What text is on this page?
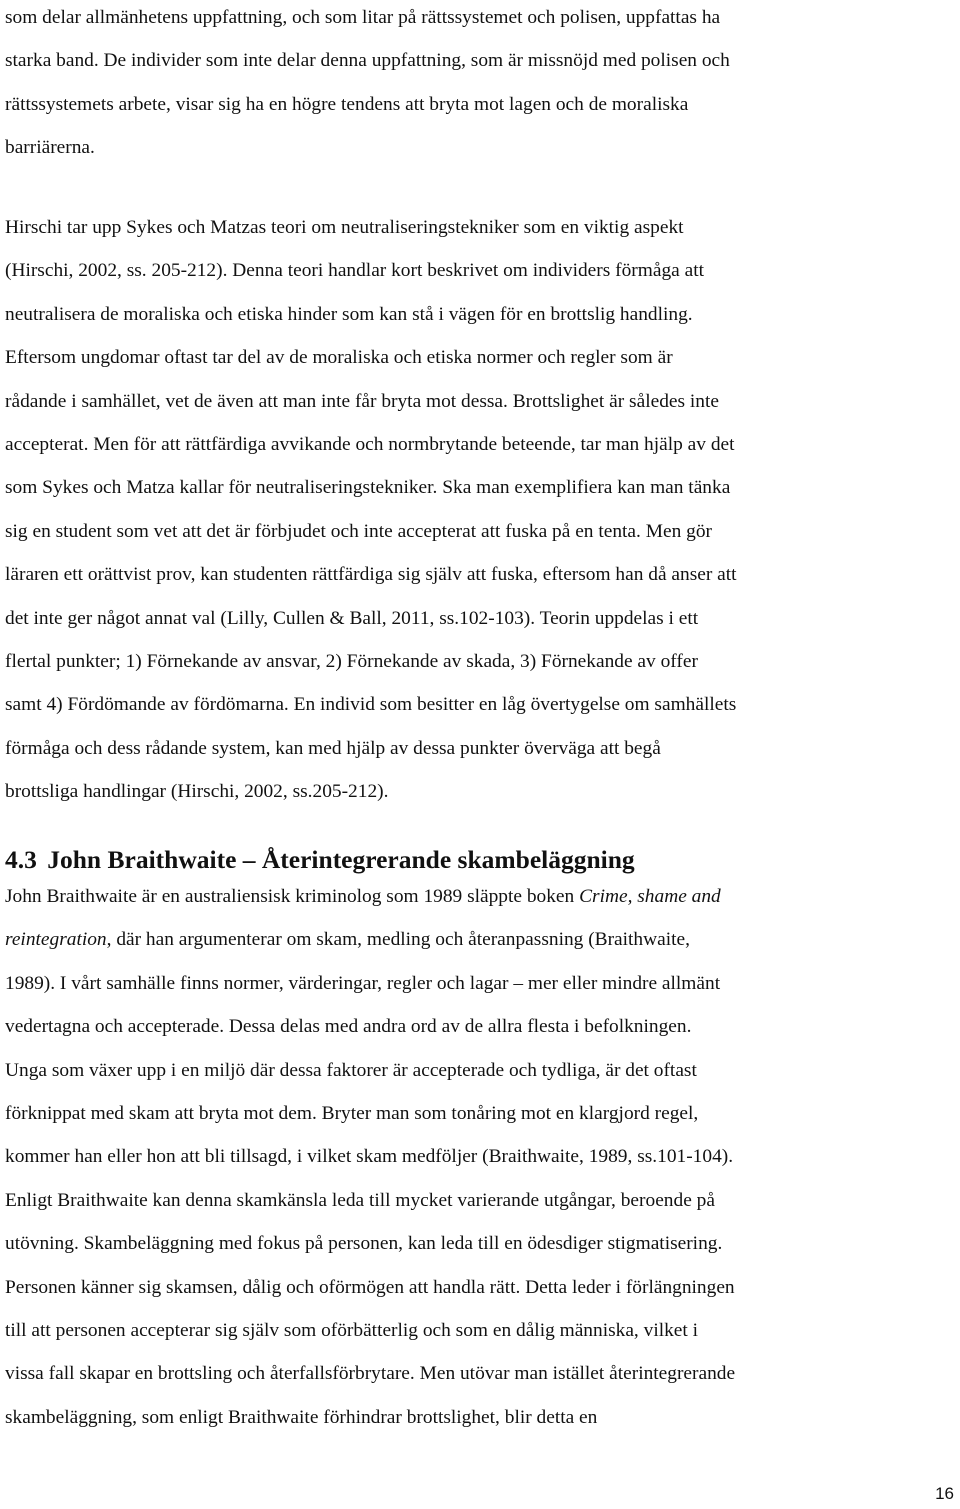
som delar allmänhetens uppfattning, och som litar på rättssystemet och polisen, uppfattas ha
starka band. De individer som inte delar denna uppfattning, som är missnöjd med polisen och
rättssystemets arbete, visar sig ha en högre tendens att bryta mot lagen och de moraliska
barriärerna.

Hirschi tar upp Sykes och Matzas teori om neutraliseringstekniker som en viktig aspekt
(Hirschi, 2002, ss. 205-212). Denna teori handlar kort beskrivet om individers förmåga att
neutralisera de moraliska och etiska hinder som kan stå i vägen för en brottslig handling.
Eftersom ungdomar oftast tar del av de moraliska och etiska normer och regler som är
rådande i samhället, vet de även att man inte får bryta mot dessa. Brottslighet är således inte
accepterat. Men för att rättfärdiga avvikande och normbrytande beteende, tar man hjälp av det
som Sykes och Matza kallar för neutraliseringstekniker. Ska man exemplifiera kan man tänka
sig en student som vet att det är förbjudet och inte accepterat att fuska på en tenta. Men gör
läraren ett orättvist prov, kan studenten rättfärdiga sig själv att fuska, eftersom han då anser att
det inte ger något annat val (Lilly, Cullen & Ball, 2011, ss.102-103). Teorin uppdelas i ett
flertal punkter; 1) Förnekande av ansvar, 2) Förnekande av skada, 3) Förnekande av offer
samt 4) Fördömande av fördömarna. En individ som besitter en låg övertygelse om samhällets
förmåga och dess rådande system, kan med hjälp av dessa punkter överväga att begå
brottsliga handlingar (Hirschi, 2002, ss.205-212).

4.3 John Braithwaite – Återintegrerande skambeläggning

John Braithwaite är en australiensisk kriminolog som 1989 släppte boken Crime, shame and
reintegration, där han argumenterar om skam, medling och återanpassning (Braithwaite,
1989). I vårt samhälle finns normer, värderingar, regler och lagar – mer eller mindre allmänt
vedertagna och accepterade. Dessa delas med andra ord av de allra flesta i befolkningen.
Unga som växer upp i en miljö där dessa faktorer är accepterade och tydliga, är det oftast
förknippat med skam att bryta mot dem. Bryter man som tonåring mot en klargjord regel,
kommer han eller hon att bli tillsagd, i vilket skam medföljer (Braithwaite, 1989, ss.101-104).
Enligt Braithwaite kan denna skamkänsla leda till mycket varierande utgångar, beroende på
utövning. Skambeläggning med fokus på personen, kan leda till en ödesdiger stigmatisering.
Personen känner sig skamsen, dålig och oförmögen att handla rätt. Detta leder i förlängningen
till att personen accepterar sig själv som oförbätterlig och som en dålig människa, vilket i
vissa fall skapar en brottsling och återfallsförbrytare. Men utövar man istället återintegrerande
skambeläggning, som enligt Braithwaite förhindrar brottslighet, blir detta en

16
